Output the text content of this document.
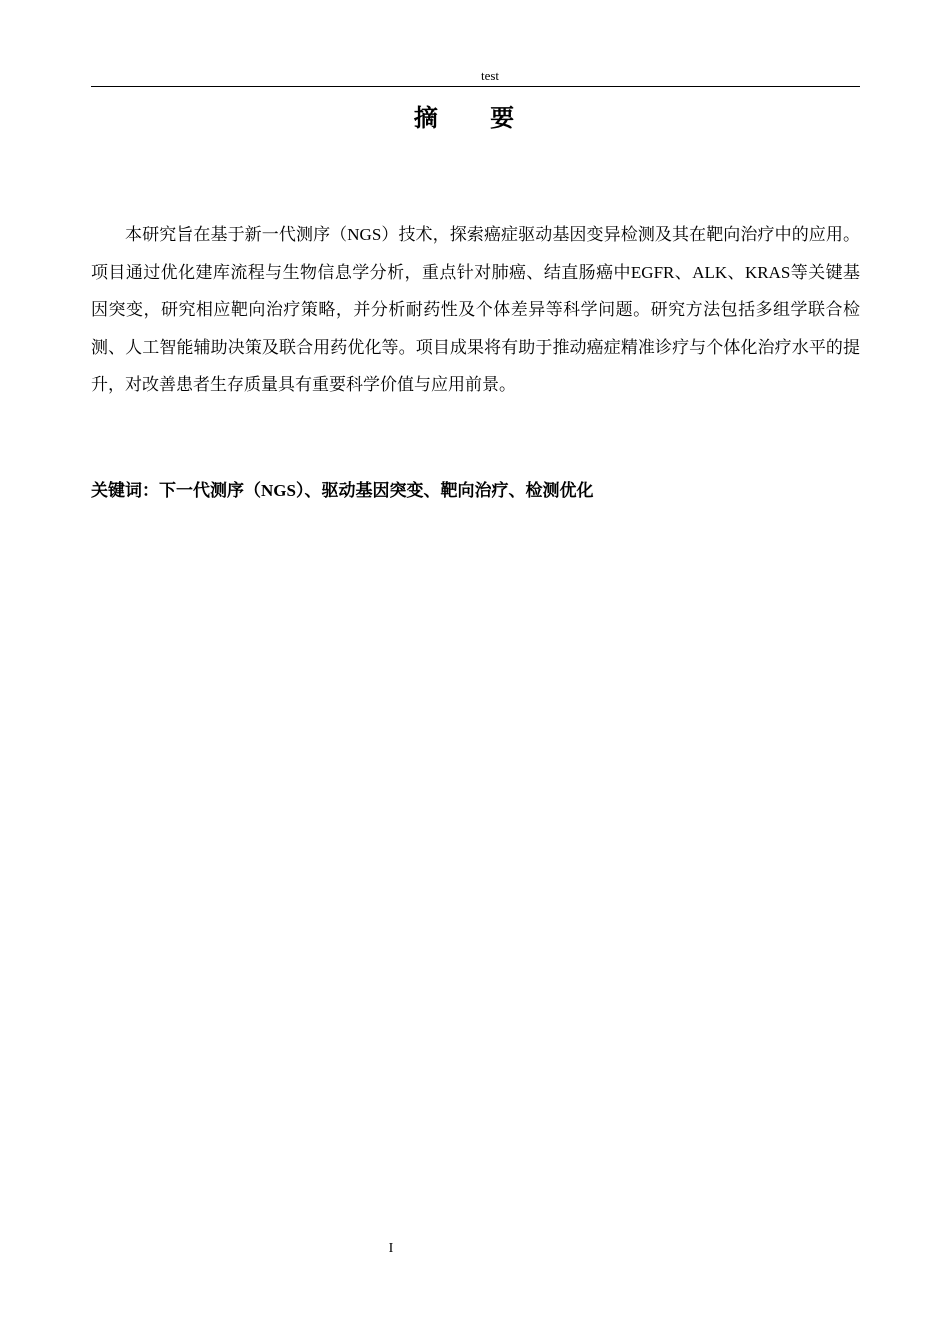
test
摘 要

本研究旨在基于新一代测序（NGS）技术，探索癌症驱动基因变异检测及其在靶向治疗中的应用。项目通过优化建库流程与生物信息学分析，重点针对肺癌、结直肠癌中EGFR、ALK、KRAS等关键基因突变，研究相应靶向治疗策略，并分析耐药性及个体差异等科学问题。研究方法包括多组学联合检测、人工智能辅助决策及联合用药优化等。项目成果将有助于推动癌症精准诊疗与个体化治疗水平的提升，对改善患者生存质量具有重要科学价值与应用前景。

关键词：下一代测序（NGS）、驱动基因突变、靶向治疗、检测优化
I
